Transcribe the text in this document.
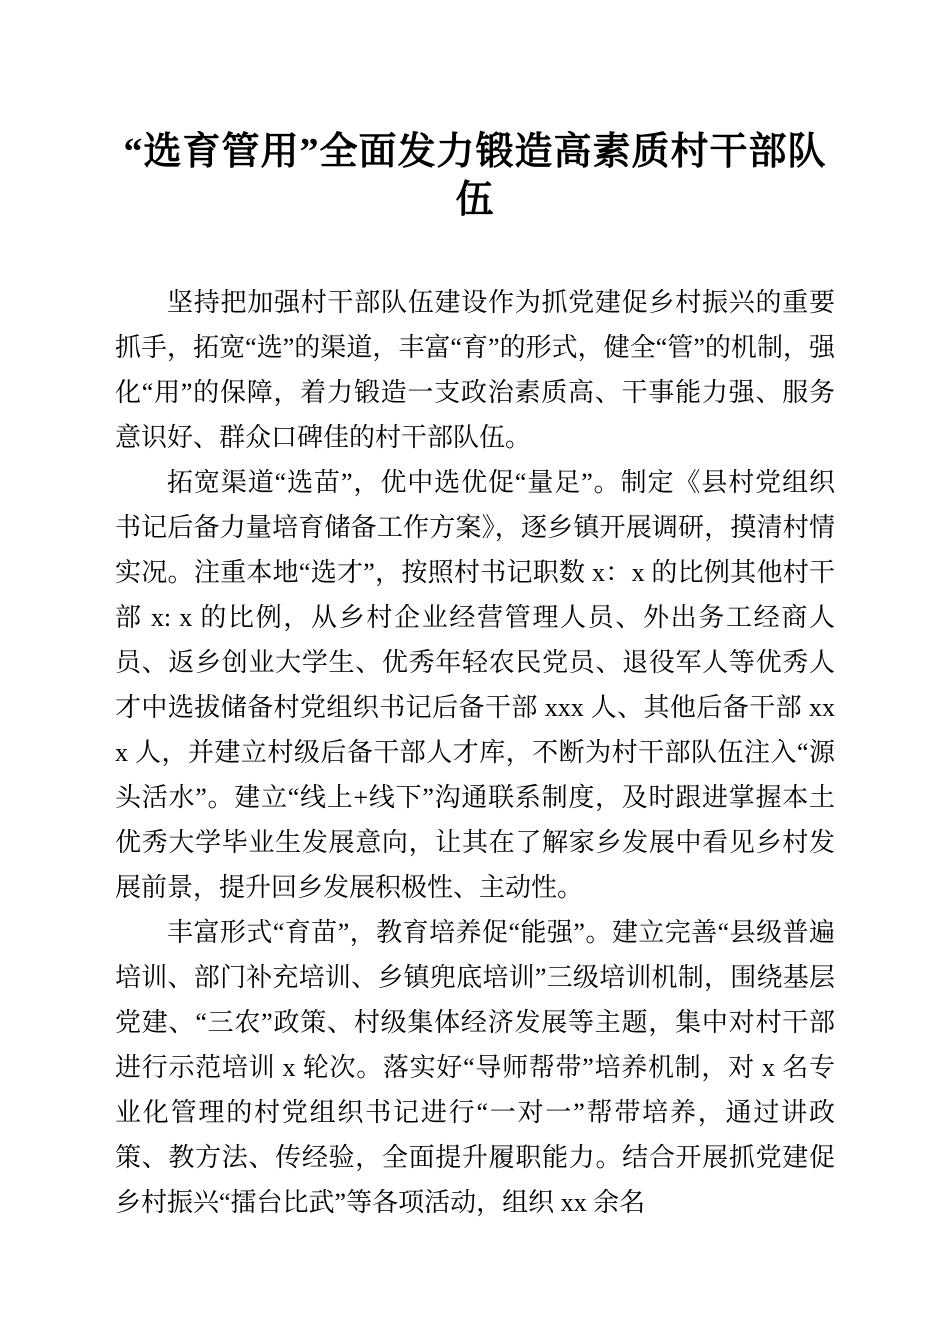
“选育管用”全面发力锻造高素质村干部队伍

坚持把加强村干部队伍建设作为抓党建促乡村振兴的重要抓手，拓宽“选”的渠道，丰富“育”的形式，健全“管”的机制，强化“用”的保障，着力锻造一支政治素质高、干事能力强、服务意识好、群众口碑佳的村干部队伍。

拓宽渠道“选苗”，优中选优促“量足”。制定《县村党组织书记后备力量培育储备工作方案》，逐乡镇开展调研，摸清村情实况。注重本地“选才”，按照村书记职数 x：x 的比例其他村干部 x: x 的比例，从乡村企业经营管理人员、外出务工经商人员、返乡创业大学生、优秀年轻农民党员、退役军人等优秀人才中选拔储备村党组织书记后备干部 xxx 人、其他后备干部 xxx 人，并建立村级后备干部人才库，不断为村干部队伍注入“源头活水”。建立“线上+线下”沟通联系制度，及时跟进掌握本土优秀大学毕业生发展意向，让其在了解家乡发展中看见乡村发展前景，提升回乡发展积极性、主动性。

丰富形式“育苗”，教育培养促“能强”。建立完善“县级普遍培训、部门补充培训、乡镇兜底培训”三级培训机制，围绕基层党建、“三农”政策、村级集体经济发展等主题，集中对村干部进行示范培训 x 轮次。落实好“导师帮带”培养机制，对 x 名专业化管理的村党组织书记进行“一对一”帮带培养，通过讲政策、教方法、传经验，全面提升履职能力。结合开展抓党建促乡村振兴“擂台比武”等各项活动，组织 xx 余名
